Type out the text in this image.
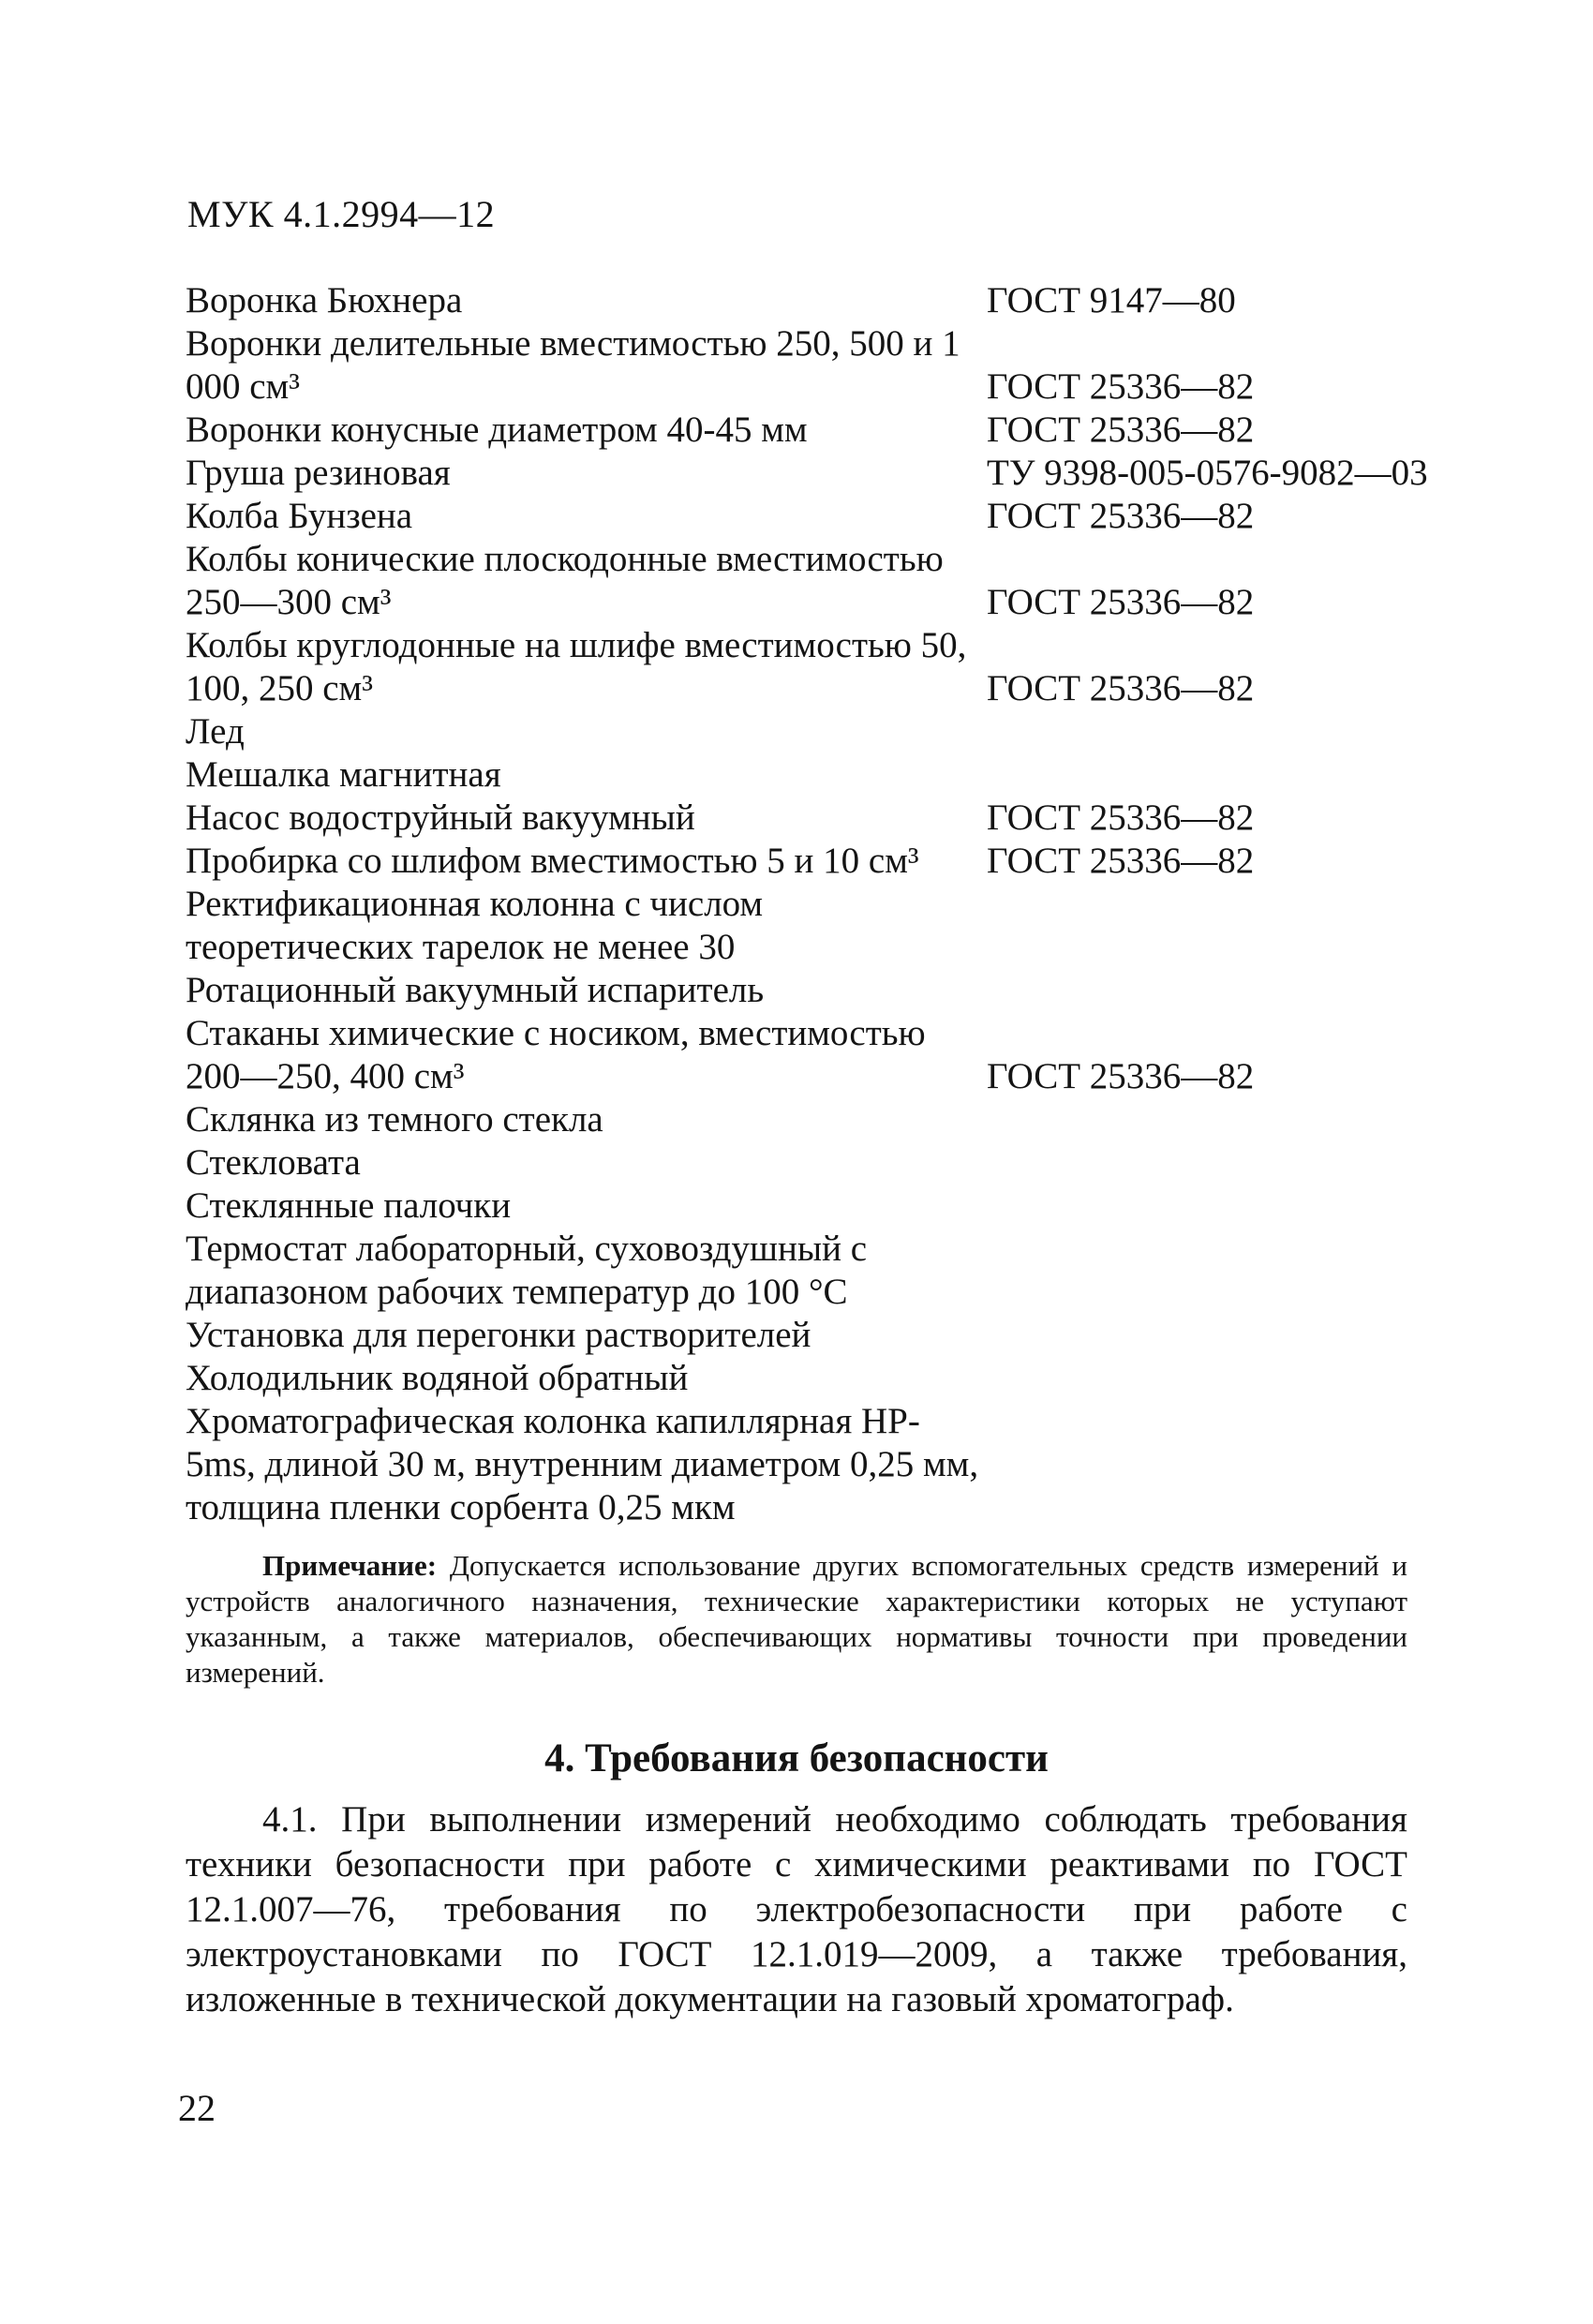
МУК 4.1.2994—12
Воронка Бюхнера	ГОСТ 9147—80
Воронки делительные вместимостью 250, 500 и 1 000 см³	ГОСТ 25336—82
Воронки конусные диаметром 40-45 мм	ГОСТ 25336—82
Груша резиновая	ТУ 9398-005-0576-9082—03
Колба Бунзена	ГОСТ 25336—82
Колбы конические плоскодонные вместимостью 250—300 см³	ГОСТ 25336—82
Колбы круглодонные на шлифе вместимостью 50, 100, 250 см³	ГОСТ 25336—82
Лед
Мешалка магнитная
Насос водоструйный вакуумный	ГОСТ 25336—82
Пробирка со шлифом вместимостью 5 и 10 см³	ГОСТ 25336—82
Ректификационная колонна с числом теоретических тарелок не менее 30
Ротационный вакуумный испаритель
Стаканы химические с носиком, вместимостью 200—250, 400 см³	ГОСТ 25336—82
Склянка из темного стекла
Стекловата
Стеклянные палочки
Термостат лабораторный, суховоздушный с диапазоном рабочих температур до 100 °С
Установка для перегонки растворителей
Холодильник водяной обратный
Хроматографическая колонка капиллярная HP-5ms, длиной 30 м, внутренним диаметром 0,25 мм, толщина пленки сорбента 0,25 мкм
Примечание: Допускается использование других вспомогательных средств измерений и устройств аналогичного назначения, технические характеристики которых не уступают указанным, а также материалов, обеспечивающих нормативы точности при проведении измерений.
4. Требования безопасности
4.1. При выполнении измерений необходимо соблюдать требования техники безопасности при работе с химическими реактивами по ГОСТ 12.1.007—76, требования по электробезопасности при работе с электроустановками по ГОСТ 12.1.019—2009, а также требования, изложенные в технической документации на газовый хроматограф.
22
